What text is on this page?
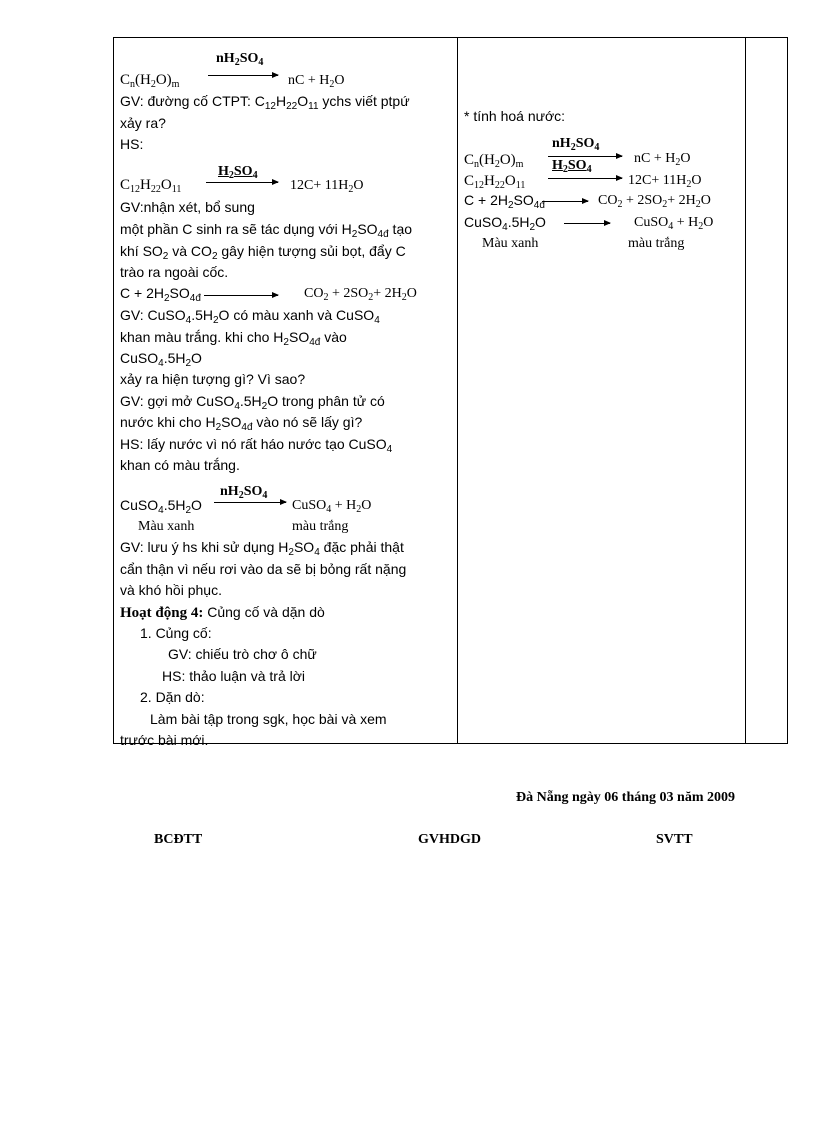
$C_n(H_2O)_m$
$nH_2SO_4$
nC + $H_2O$
GV: đường cố CTPT: $C_{12}H_{22}O_{11}$ ychs viết ptpứ
xảy ra?
HS:
$C_{12}H_{22}O_{11}$
$H_2SO_4$
$12C+ 11H_2O$
GV:nhận xét, bổ sung
một phần C sinh ra sẽ tác dụng với $H_2SO_{4đ}$ tạo
khí $SO_2$ và $CO_2$ gây hiện tượng sủi bọt, đẩy C
trào ra ngoài cốc.
$C + 2H_2SO_{4đ}$	$CO_2 + 2SO_2+ 2H_2O$
GV: $CuSO_4.5H_2O$ có màu xanh và CuSO$_4$
khan màu trắng. khi cho $H_2SO_{4đ}$ vào
$CuSO_4.5H_2O$
xảy ra hiện tượng gì? Vì sao?
GV: gợi mở $CuSO_4.5H_2O$ trong phân tử có
nước khi cho $H_2SO_{4đ}$ vào nó sẽ lấy gì?
HS: lấy nước vì nó rất háo nước tạo CuSO$_4$
khan có màu trắng.
$CuSO_4.5H_2O$
$nH_2SO_4$
CuSO$_4$ + $H_2O$
Màu xanh	màu trắng
GV: lưu ý hs khi sử dụng $H_2SO_4$ đặc phải thật
cẩn thận vì nếu rơi vào da sẽ bị bỏng rất nặng
và khó hồi phục.
Hoạt động 4: Củng cố và dặn dò
1. Củng cố:
GV: chiếu trò chơ ô chữ
HS: thảo luận và trả lời
2. Dặn dò:
Làm bài tập trong sgk, học bài và xem
trước bài mới.
* tính hoá nước:
$C_n(H_2O)_m$
$nH_2SO_4$
nC + $H_2O$
$C_{12}H_{22}O_{11}$
$H_2SO_4$
$12C+ 11H_2O$
$C + 2H_2SO_{4đ}$	$CO_2 + 2SO_2+ 2H_2O$
$CuSO_4.5H_2O$	CuSO$_4$ + $H_2O$
Màu xanh	màu trắng
Đà Nẵng ngày 06 tháng 03 năm 2009
BCĐTT	GVHDGD	SVTT
